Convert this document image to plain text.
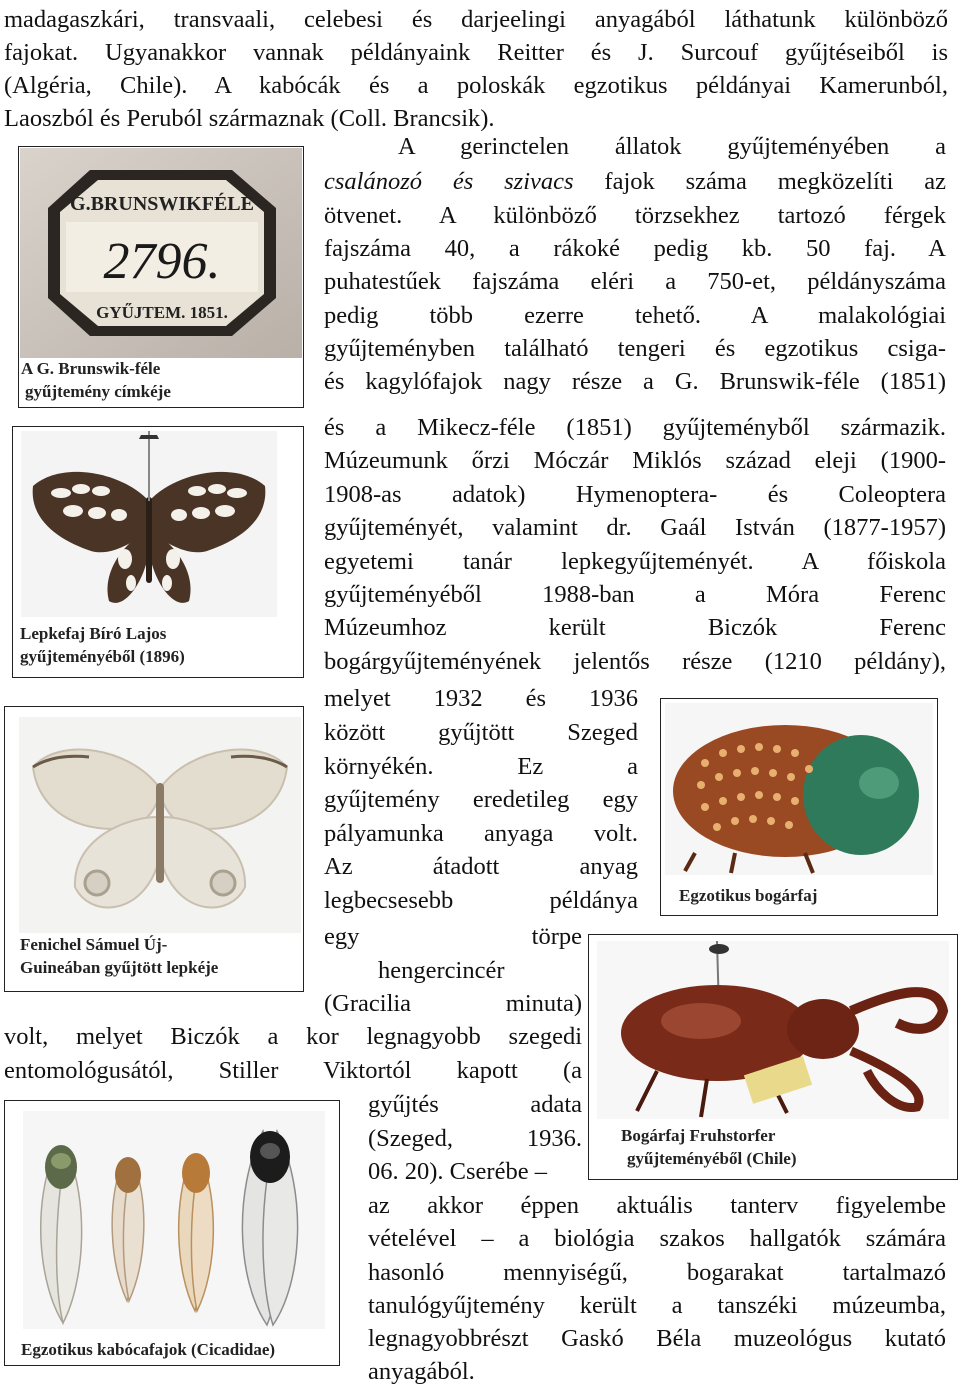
madagaszkári, transvaali, celebesi és darjeelingi anyagából láthatunk különböző
fajokat. Ugyanakkor vannak példányaink Reitter és J. Surcouf gyűjtéseiből is
(Algéria, Chile). A kabócák és a poloskák egzotikus példányai Kamerunból,
Laoszból és Peruból származnak (Coll. Brancsik).
A gerinctelen állatok gyűjteményében a
csalánozó és szivacs fajok száma megközelíti az
ötvenet. A különböző törzsekhez tartozó férgek
fajszáma 40, a rákoké pedig kb. 50 faj. A
puhatestűek fajszáma eléri a 750-et, példányszáma
pedig több ezerre tehető. A malakológiai
gyűjteményben található tengeri és egzotikus csiga-
és kagylófajok nagy része a G. Brunswik-féle (1851)
és a Mikecz-féle (1851) gyűjteményből származik.
Múzeumunk őrzi Móczár Miklós század eleji (1900-
1908-as adatok) Hymenoptera- és Coleoptera
gyűjteményét, valamint dr. Gaál István (1877-1957)
egyetemi tanár lepkegyűjteményét. A főiskola
gyűjteményéből 1988-ban a Móra Ferenc
Múzeumhoz került Biczók Ferenc
bogárgyűjteményének jelentős része (1210 példány),
melyet 1932 és 1936
között gyűjtött Szeged
környékén. Ez a
gyűjtemény eredetileg egy
pályamunka anyaga volt.
Az átadott anyag
legbecsesebb példánya
egy törpe
hengercincér
(Gracilia minuta)
volt, melyet Biczók a kor legnagyobb szegedi
entomológusától, Stiller Viktortól kapott (a
gyűjtés adata
(Szeged, 1936.
06. 20). Cserébe –
az akkor éppen aktuális tanterv figyelembe
vételével – a biológia szakos hallgatók számára
hasonló mennyiségű, bogarakat tartalmazó
tanulógyűjtemény került a tanszéki múzeumba,
legnagyobbrészt Gaskó Béla muzeológus kutató
anyagából.
G.BRUNSWIKFÉLE
2796.
GYŰJTEM. 1851.
A G. Brunswik-féle
gyűjtemény címkéje
Lepkefaj Bíró Lajos
gyűjteményéből (1896)
Fenichel Sámuel Új-
Guineában gyűjtött lepkéje
Egzotikus bogárfaj
Bogárfaj Fruhstorfer
gyűjteményéből (Chile)
Egzotikus kabócafajok (Cicadidae)
